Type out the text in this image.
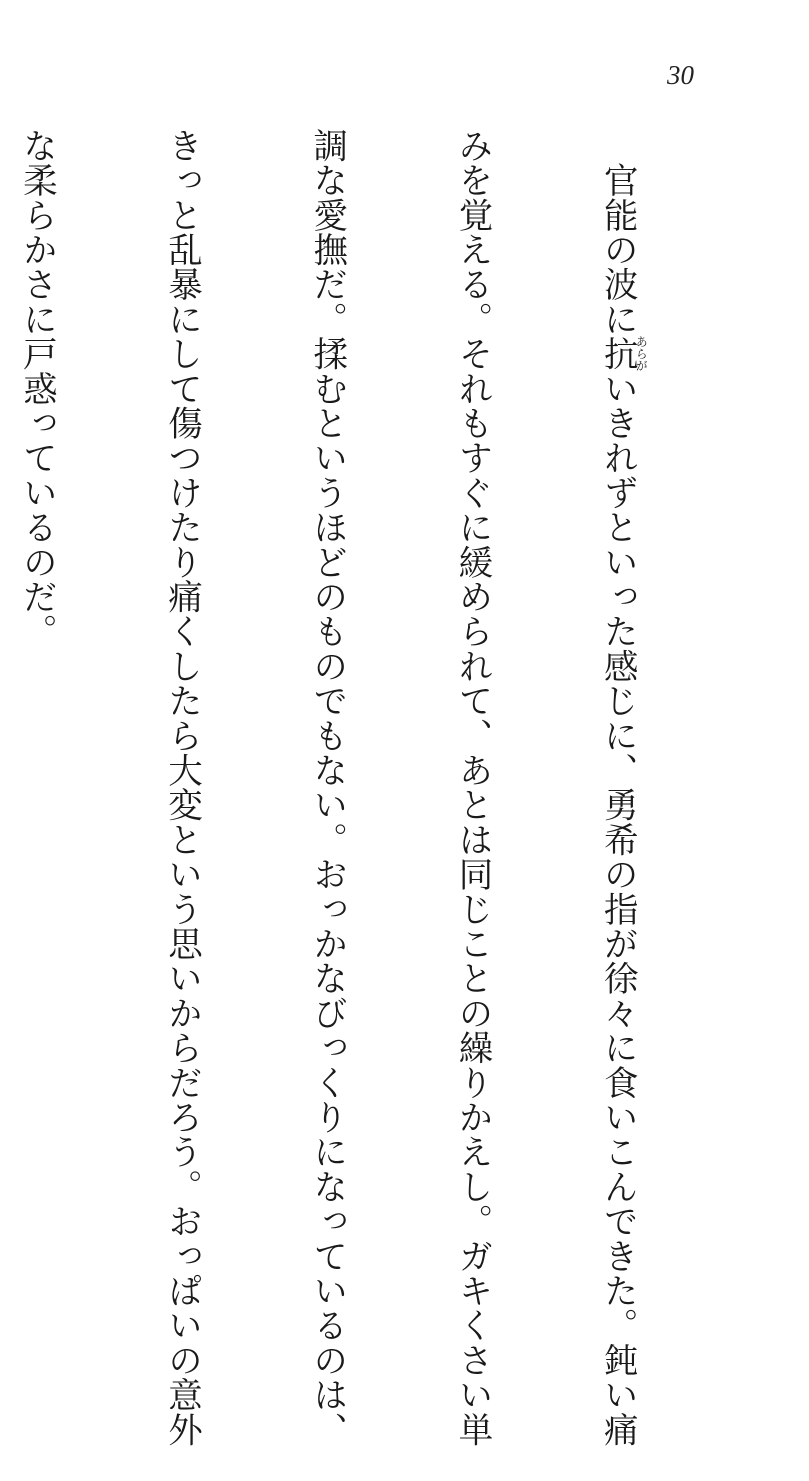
30

　官能の波に抗あらがいきれずといった感じに、勇希の指が徐々に食いこんできた。鈍い痛

みを覚える。それもすぐに緩められて、あとは同じことの繰りかえし。ガキくさい単

調な愛撫だ。揉むというほどのものでもない。おっかなびっくりになっているのは、

きっと乱暴にして傷つけたり痛くしたら大変という思いからだろう。おっぱいの意外

な柔らかさに戸惑っているのだ。
